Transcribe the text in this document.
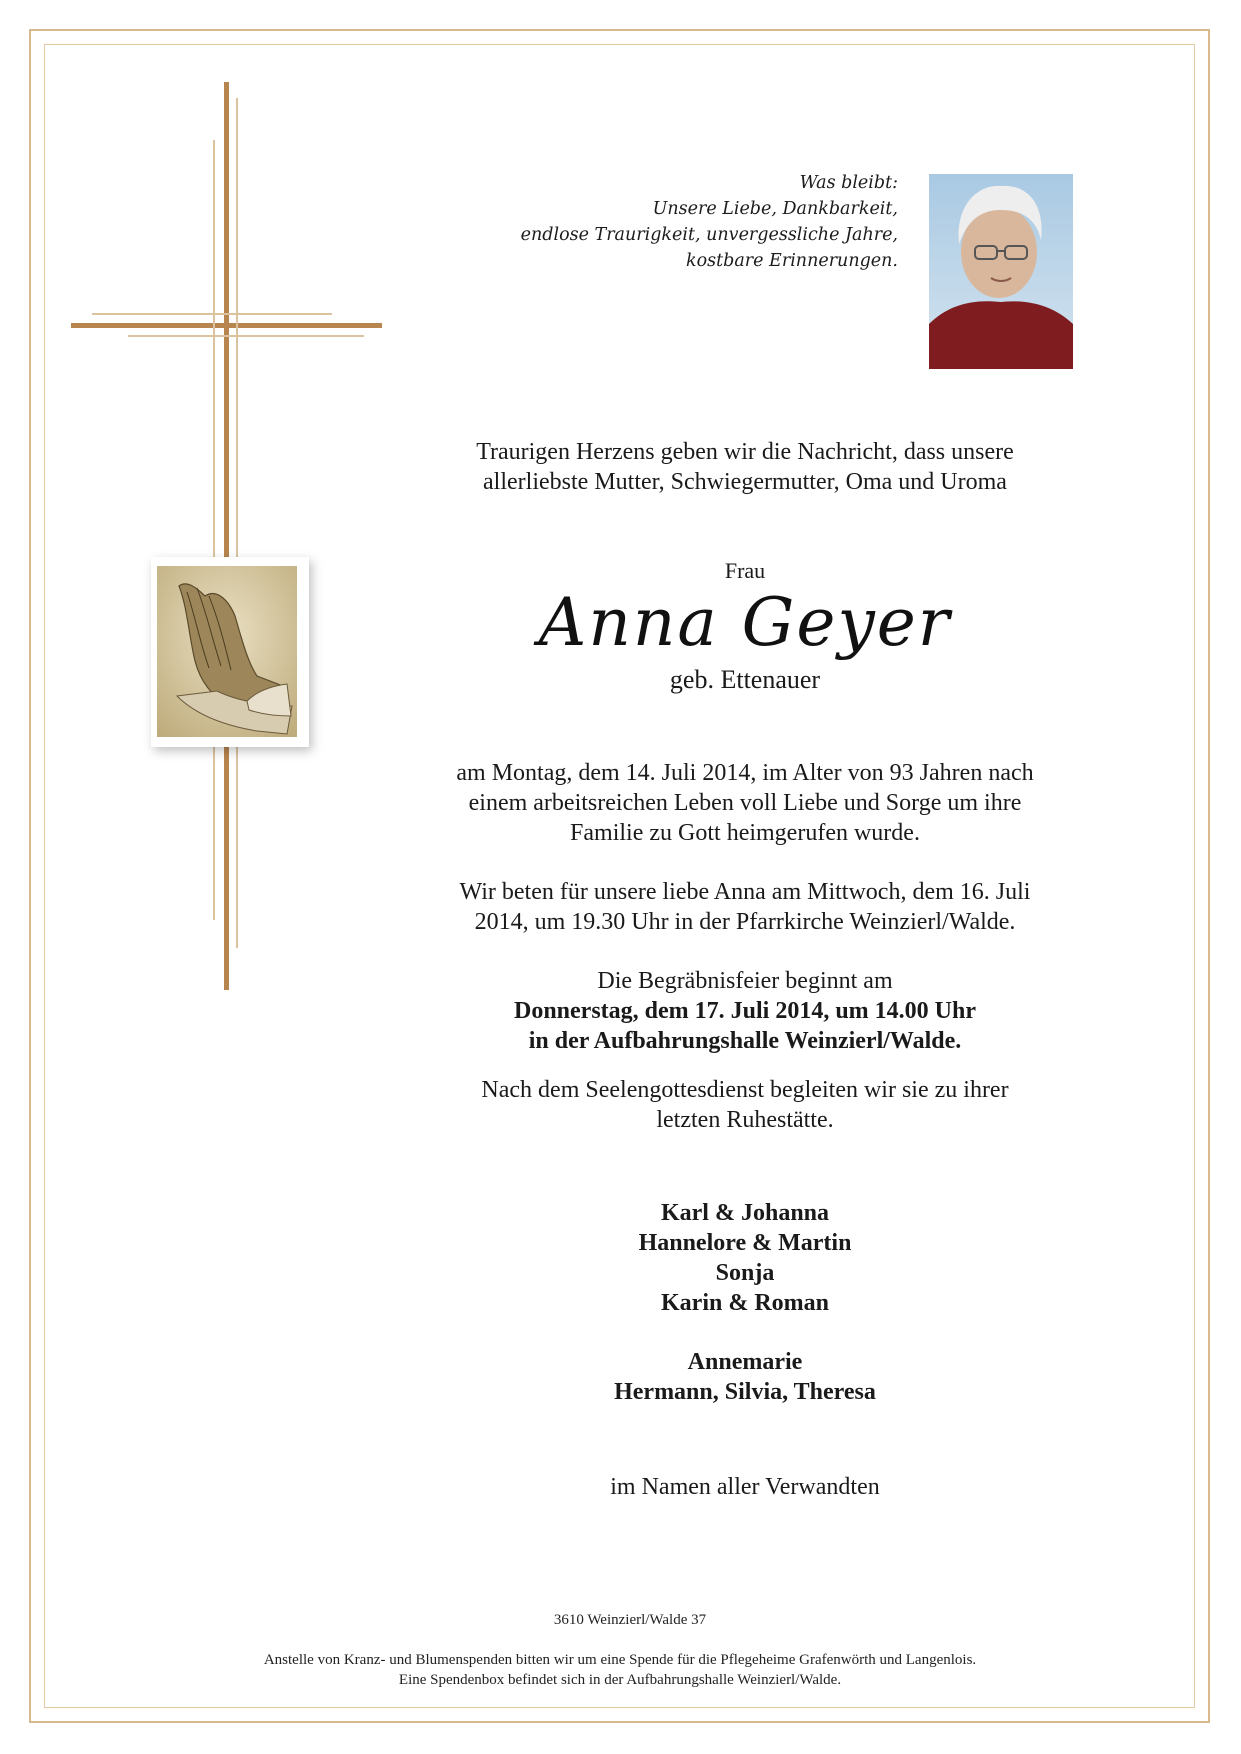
Was bleibt:
Unsere Liebe, Dankbarkeit,
endlose Traurigkeit, unvergessliche Jahre,
kostbare Erinnerungen.
Traurigen Herzens geben wir die Nachricht, dass unsere
allerliebste Mutter, Schwiegermutter, Oma und Uroma
Frau
Anna Geyer
geb. Ettenauer
am Montag, dem 14. Juli 2014, im Alter von 93 Jahren nach
einem arbeitsreichen Leben voll Liebe und Sorge um ihre
Familie zu Gott heimgerufen wurde.
Wir beten für unsere liebe Anna am Mittwoch, dem 16. Juli
2014, um 19.30 Uhr in der Pfarrkirche Weinzierl/Walde.
Die Begräbnisfeier beginnt am
Donnerstag, dem 17. Juli 2014, um 14.00 Uhr
in der Aufbahrungshalle Weinzierl/Walde.
Nach dem Seelengottesdienst begleiten wir sie zu ihrer
letzten Ruhestätte.
Karl & Johanna
Hannelore & Martin
Sonja
Karin & Roman
Annemarie
Hermann, Silvia, Theresa
im Namen aller Verwandten
3610 Weinzierl/Walde 37
Anstelle von Kranz- und Blumenspenden bitten wir um eine Spende für die Pflegeheime Grafenwörth und Langenlois.
Eine Spendenbox befindet sich in der Aufbahrungshalle Weinzierl/Walde.
